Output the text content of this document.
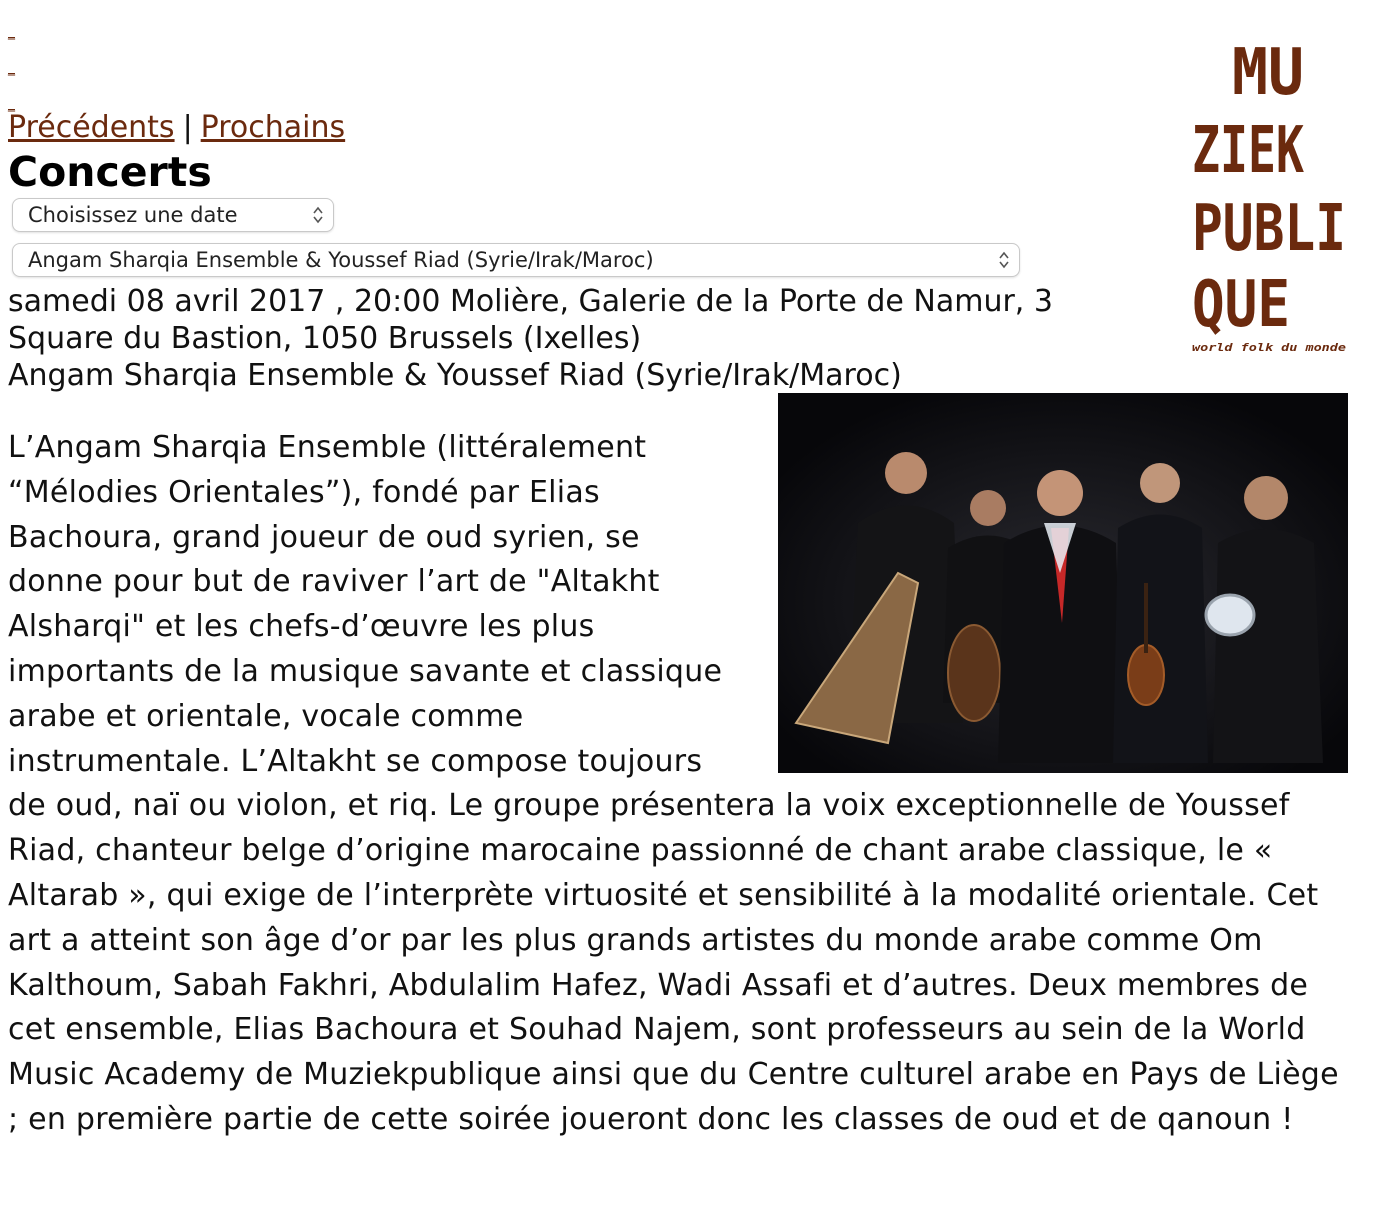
_
_
_
Précédents | Prochains
Concerts
Choisissez une date
Angam Sharqia Ensemble & Youssef Riad (Syrie/Irak/Maroc)
MU
ZIEK
PUBLI
QUE
world folk du monde

samedi 08 avril 2017 , 20:00 Molière, Galerie de la Porte de Namur, 3 Square du Bastion, 1050 Brussels (Ixelles)
Angam Sharqia Ensemble & Youssef Riad (Syrie/Irak/Maroc)

L’Angam Sharqia Ensemble (littéralement “Mélodies Orientales”), fondé par Elias Bachoura, grand joueur de oud syrien, se donne pour but de raviver l’art de "Altakht Alsharqi" et les chefs-d’œuvre les plus importants de la musique savante et classique arabe et orientale, vocale comme instrumentale. L’Altakht se compose toujours de oud, naï ou violon, et riq. Le groupe présentera la voix exceptionnelle de Youssef Riad, chanteur belge d’origine marocaine passionné de chant arabe classique, le « Altarab », qui exige de l’interprète virtuosité et sensibilité à la modalité orientale. Cet art a atteint son âge d’or par les plus grands artistes du monde arabe comme Om Kalthoum, Sabah Fakhri, Abdulalim Hafez, Wadi Assafi et d’autres. Deux membres de cet ensemble, Elias Bachoura et Souhad Najem, sont professeurs au sein de la World Music Academy de Muziekpublique ainsi que du Centre culturel arabe en Pays de Liège ; en première partie de cette soirée joueront donc les classes de oud et de qanoun !
